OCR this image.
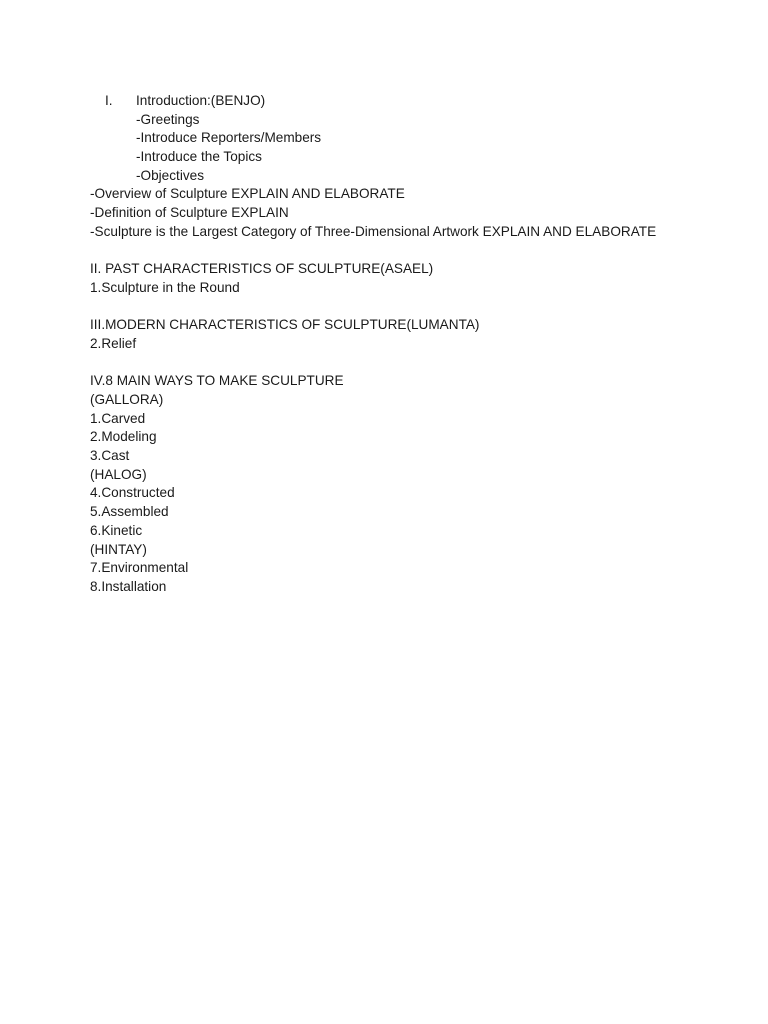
I. Introduction:(BENJO)
-Greetings
-Introduce Reporters/Members
-Introduce the Topics
-Objectives
-Overview of Sculpture EXPLAIN AND ELABORATE
-Definition of Sculpture EXPLAIN
-Sculpture is the Largest Category of Three-Dimensional Artwork EXPLAIN AND ELABORATE
II. PAST CHARACTERISTICS OF SCULPTURE(ASAEL)
1.Sculpture in the Round
III.MODERN CHARACTERISTICS OF SCULPTURE(LUMANTA)
2.Relief
IV.8 MAIN WAYS TO MAKE SCULPTURE
(GALLORA)
1.Carved
2.Modeling
3.Cast
(HALOG)
4.Constructed
5.Assembled
6.Kinetic
(HINTAY)
7.Environmental
8.Installation
